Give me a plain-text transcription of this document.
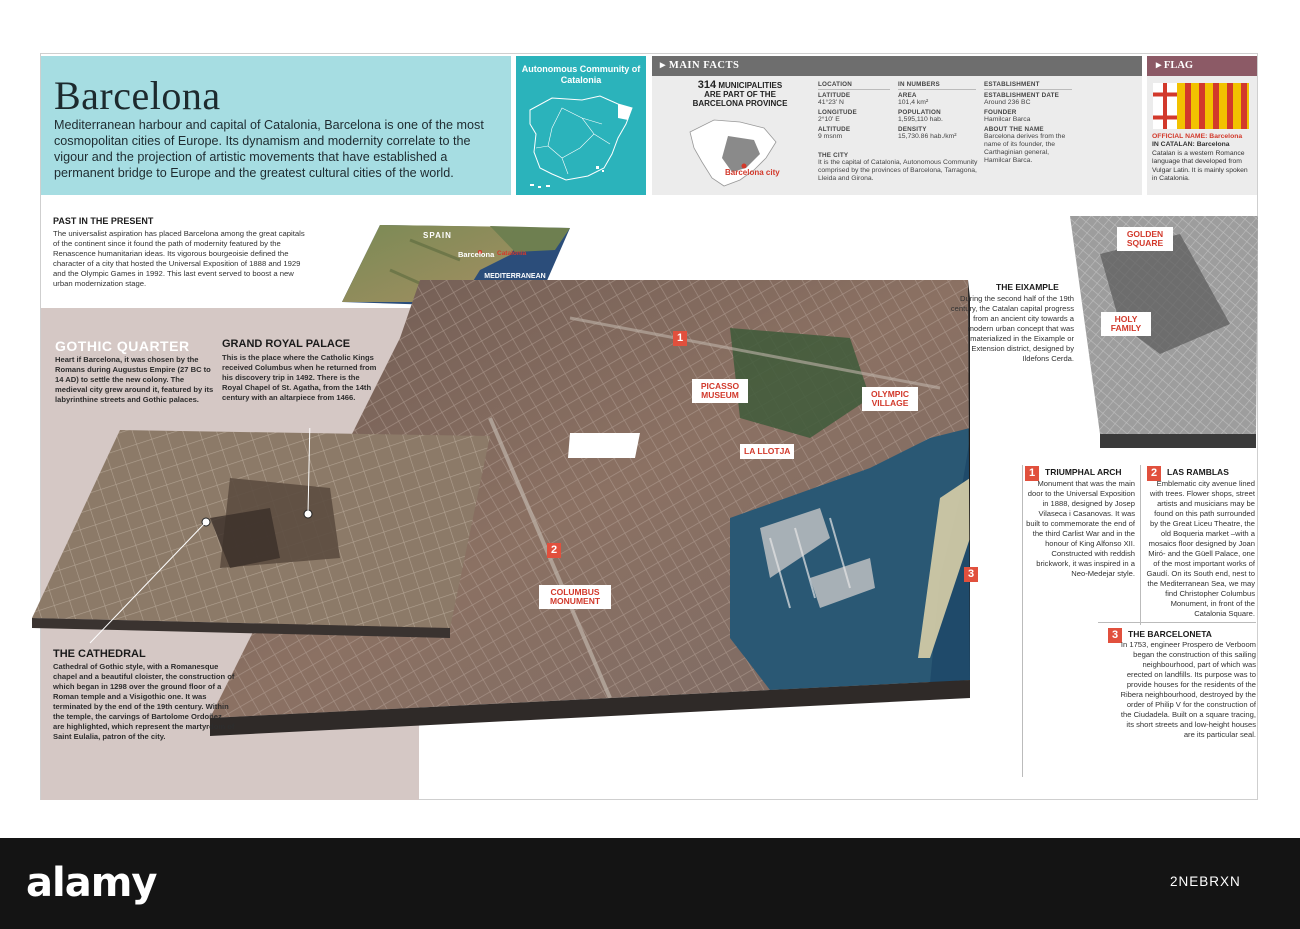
Barcelona
Mediterranean harbour and capital of Catalonia, Barcelona is one of the most cosmopolitan cities of Europe. Its dynamism and modernity correlate to the vigour and the projection of artistic movements that have established a permanent bridge to Europe and the greatest cultural cities of the world.
Autonomous Community of Catalonia
▸ MAIN FACTS
314 MUNICIPALITIES ARE PART OF THE BARCELONA PROVINCE
Barcelona city
LOCATION
LATITUDE
41°23' N
LONGITUDE
2°10' E
ALTITUDE
9 msnm
IN NUMBERS
AREA
101,4 km²
POPULATION
1,595,110 hab.
DENSITY
15,730.86 hab./km²
THE CITY
It is the capital of Catalonia, Autonomous Community comprised by the provinces of Barcelona, Tarragona, Lleida and Girona.
ESTABLISHMENT
ESTABLISHMENT DATE
Around 236 BC
FOUNDER
Hamilcar Barca
ABOUT THE NAME
Barcelona derives from the name of its founder, the Carthaginian general, Hamilcar Barca.
▸ FLAG
OFFICIAL NAME: Barcelona
IN CATALAN: Barcelona
Catalan is a western Romance language that developed from Vulgar Latin. It is mainly spoken in Catalonia.
PAST IN THE PRESENT
The universalist aspiration has placed Barcelona among the great capitals of the continent since it found the path of modernity featured by the Renascence humanitarian ideas. Its vigorous bourgeoisie defined the character of a city that hosted the Universal Exposition of 1888 and 1929 and the Olympic Games in 1992. This last event served to boost a new urban modernization stage.
SPAIN
Barcelona Catalonia
MEDITERRANEAN
GOTHIC QUARTER
Heart if Barcelona, it was chosen by the Romans during Augustus Empire (27 BC to 14 AD) to settle the new colony. The medieval city grew around it, featured by its labyrinthine streets and Gothic palaces.
GRAND ROYAL PALACE
This is the place where the Catholic Kings received Columbus when he returned from his discovery trip in 1492. There is the Royal Chapel of St. Agatha, from the 14th century with an altarpiece from 1466.
1
2
3
PICASSO MUSEUM	OLYMPIC VILLAGE
LA LLOTJA
COLUMBUS MONUMENT
THE CATHEDRAL
Cathedral of Gothic style, with a Romanesque chapel and a beautiful cloister, the construction of which began in 1298 over the ground floor of a Roman temple and a Visigothic one. It was terminated by the end of the 19th century. Within the temple, the carvings of Bartolome Ordoñez are highlighted, which represent the martyrdom of Saint Eulalia, patron of the city.
GOLDEN SQUARE
HOLY FAMILY
THE EIXAMPLE
During the second half of the 19th century, the Catalan capital progress from an ancient city towards a modern urban concept that was materialized in the Eixample or Extension district, designed by Ildefons Cerda.
1	TRIUMPHAL ARCH
Monument that was the main door to the Universal Exposition in 1888, designed by Josep Vilaseca i Casanovas. It was built to commemorate the end of the third Carlist War and in the honour of King Alfonso XII. Constructed with reddish brickwork, it was inspired in a Neo-Medejar style.
2	LAS RAMBLAS
Emblematic city avenue lined with trees. Flower shops, street artists and musicians may be found on this path surrounded by the Great Liceu Theatre, the old Boqueria market –with a mosaics floor designed by Joan Miró- and the Güell Palace, one of the most important works of Gaudí. On its South end, nest to the Mediterranean Sea, we may find Christopher Columbus Monument, in front of the Catalonia Square.
3	THE BARCELONETA
In 1753, engineer Prospero de Verboom began the construction of this sailing neighbourhood, part of which was erected on landfills. Its purpose was to provide houses for the residents of the Ribera neighbourhood, destroyed by the order of Philip V for the construction of the Ciudadela. Built on a square tracing, its short streets and low-height houses are its particular seal.
alamy	2NEBRXN
